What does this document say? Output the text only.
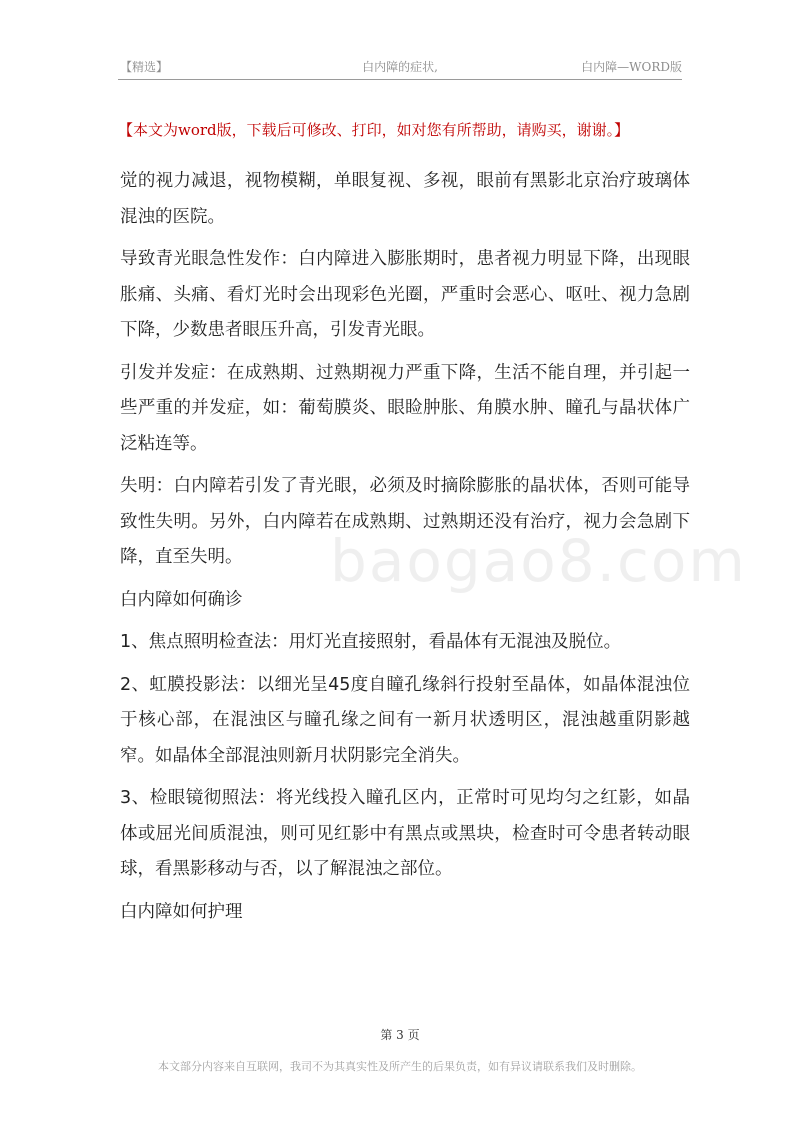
【精选】	白内障的症状,	白内障—WORD版
【本文为word版，下载后可修改、打印，如对您有所帮助，请购买，谢谢。】
baogao8.com

觉的视力减退，视物模糊，单眼复视、多视，眼前有黑影北京治疗玻璃体混浊的医院。

导致青光眼急性发作：白内障进入膨胀期时，患者视力明显下降，出现眼胀痛、头痛、看灯光时会出现彩色光圈，严重时会恶心、呕吐、视力急剧下降，少数患者眼压升高，引发青光眼。

引发并发症：在成熟期、过熟期视力严重下降，生活不能自理，并引起一些严重的并发症，如：葡萄膜炎、眼睑肿胀、角膜水肿、瞳孔与晶状体广泛粘连等。

失明：白内障若引发了青光眼，必须及时摘除膨胀的晶状体，否则可能导致性失明。另外，白内障若在成熟期、过熟期还没有治疗，视力会急剧下降，直至失明。

白内障如何确诊

1、焦点照明检查法：用灯光直接照射，看晶体有无混浊及脱位。

2、虹膜投影法：以细光呈45度自瞳孔缘斜行投射至晶体，如晶体混浊位于核心部，在混浊区与瞳孔缘之间有一新月状透明区，混浊越重阴影越窄。如晶体全部混浊则新月状阴影完全消失。

3、检眼镜彻照法：将光线投入瞳孔区内，正常时可见均匀之红影，如晶体或屈光间质混浊，则可见红影中有黑点或黑块，检查时可令患者转动眼球，看黑影移动与否，以了解混浊之部位。

白内障如何护理

第 3 页
本文部分内容来自互联网，我司不为其真实性及所产生的后果负责，如有异议请联系我们及时删除。
